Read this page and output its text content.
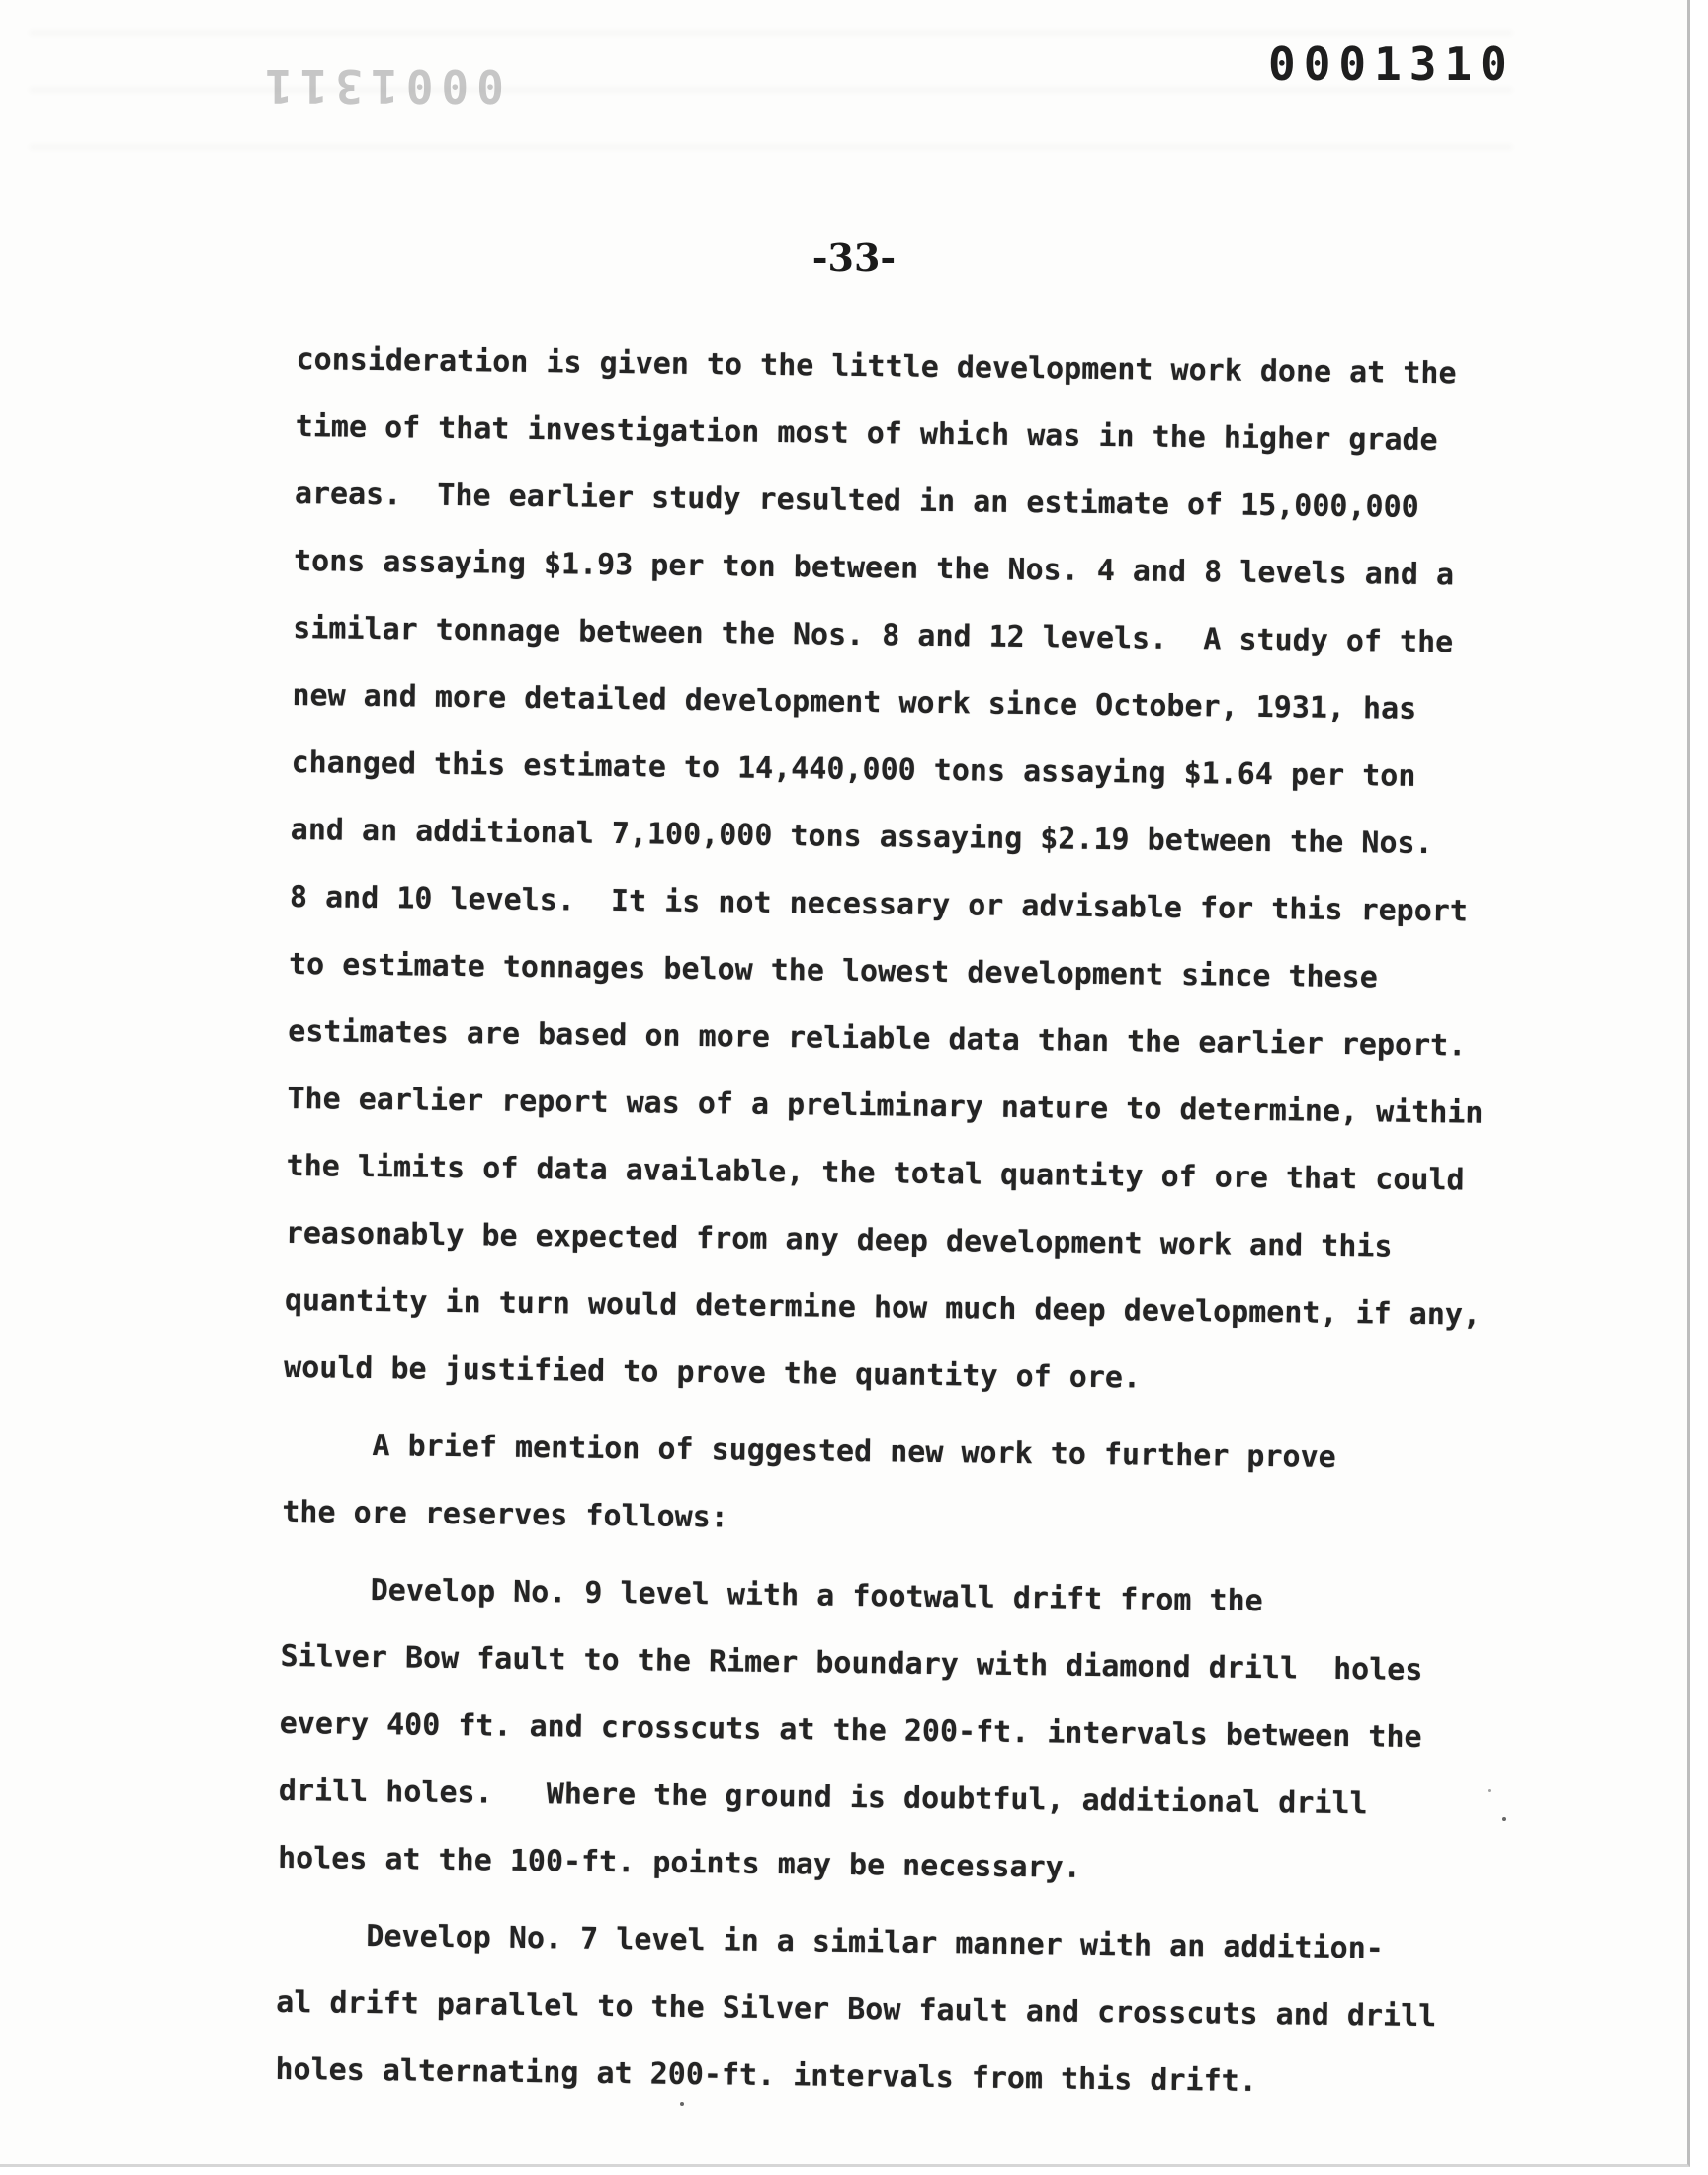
0001311	0001310
-33-
consideration is given to the little development work done at the
time of that investigation most of which was in the higher grade
areas.  The earlier study resulted in an estimate of 15,000,000
tons assaying $1.93 per ton between the Nos. 4 and 8 levels and a
similar tonnage between the Nos. 8 and 12 levels.  A study of the
new and more detailed development work since October, 1931, has
changed this estimate to 14,440,000 tons assaying $1.64 per ton
and an additional 7,100,000 tons assaying $2.19 between the Nos.
8 and 10 levels.  It is not necessary or advisable for this report
to estimate tonnages below the lowest development since these
estimates are based on more reliable data than the earlier report.
The earlier report was of a preliminary nature to determine, within
the limits of data available, the total quantity of ore that could
reasonably be expected from any deep development work and this
quantity in turn would determine how much deep development, if any,
would be justified to prove the quantity of ore.
A brief mention of suggested new work to further prove
the ore reserves follows:
Develop No. 9 level with a footwall drift from the
Silver Bow fault to the Rimer boundary with diamond drill  holes
every 400 ft. and crosscuts at the 200-ft. intervals between the
drill holes.   Where the ground is doubtful, additional drill
holes at the 100-ft. points may be necessary.
Develop No. 7 level in a similar manner with an addition-
al drift parallel to the Silver Bow fault and crosscuts and drill
holes alternating at 200-ft. intervals from this drift.
